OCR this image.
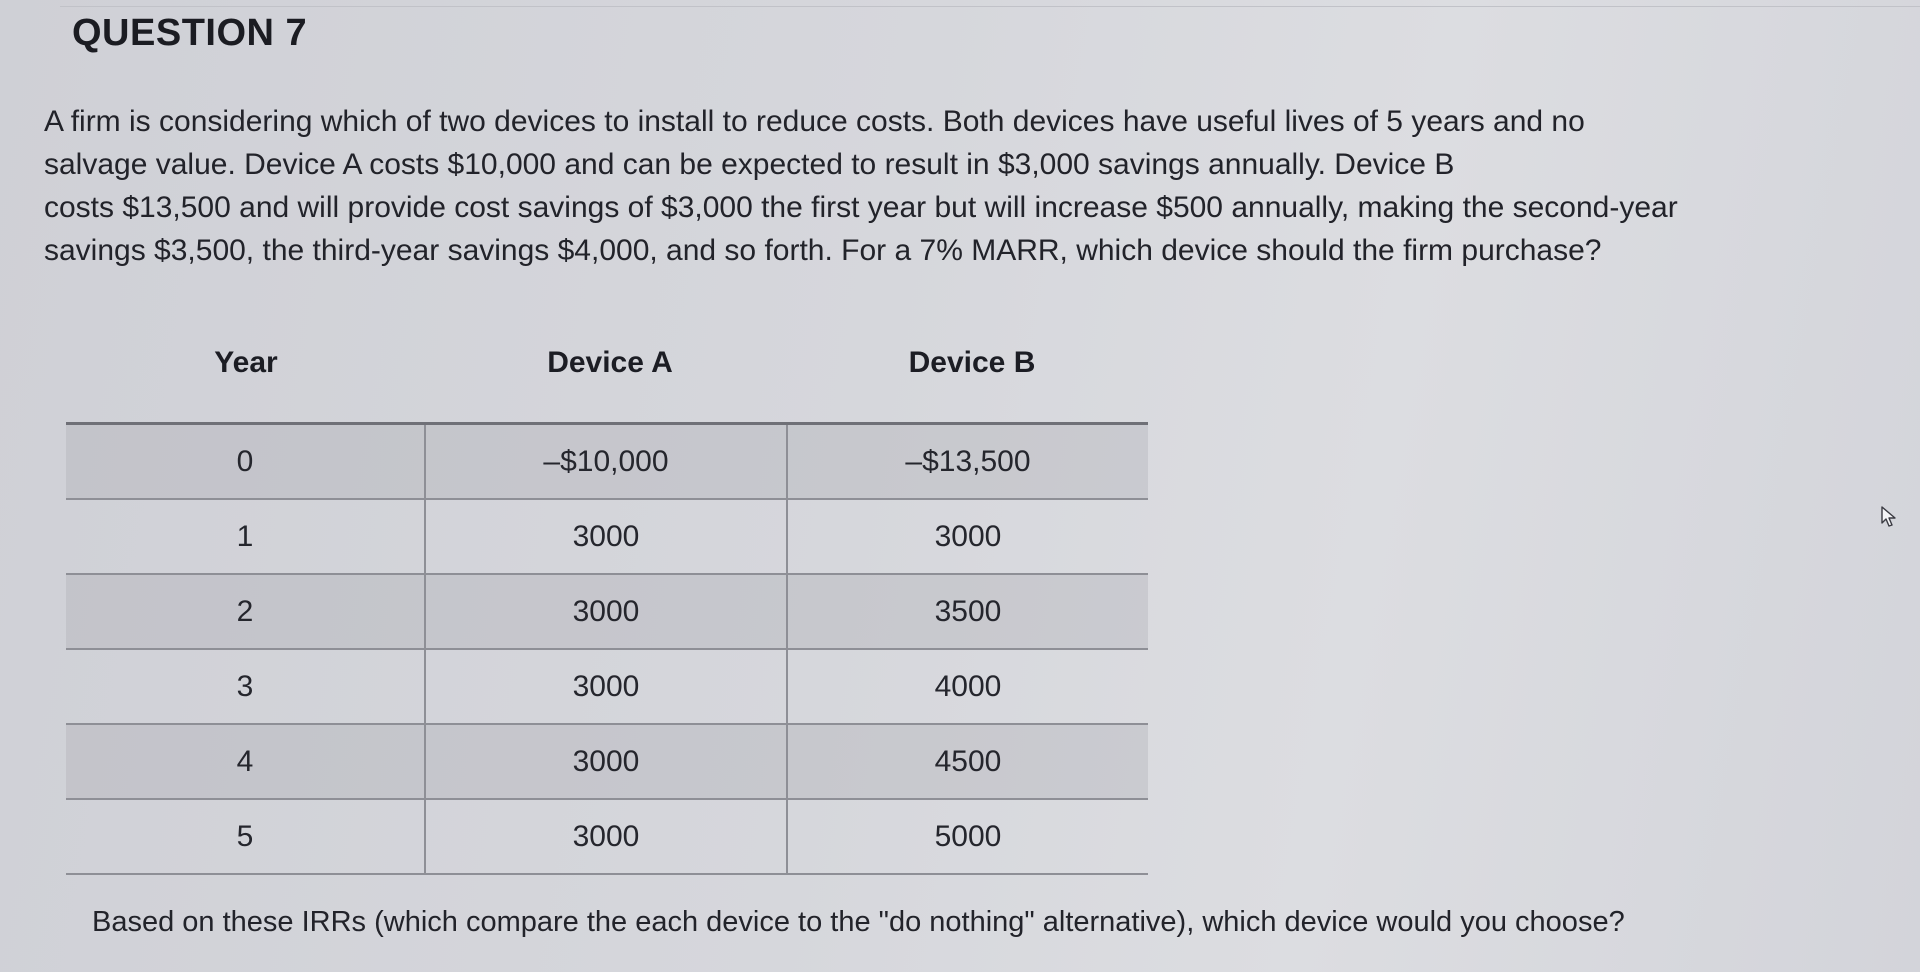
QUESTION 7
A firm is considering which of two devices to install to reduce costs. Both devices have useful lives of 5 years and no
salvage value. Device A costs $10,000 and can be expected to result in $3,000 savings annually. Device B
costs $13,500 and will provide cost savings of $3,000 the first year but will increase $500 annually, making the second-year
savings $3,500, the third-year savings $4,000, and so forth. For a 7% MARR, which device should the firm purchase?
Year	Device A	Device B
0	–$10,000	–$13,500
1	3000	3000
2	3000	3500
3	3000	4000
4	3000	4500
5	3000	5000
Based on these IRRs (which compare the each device to the "do nothing" alternative), which device would you choose?
